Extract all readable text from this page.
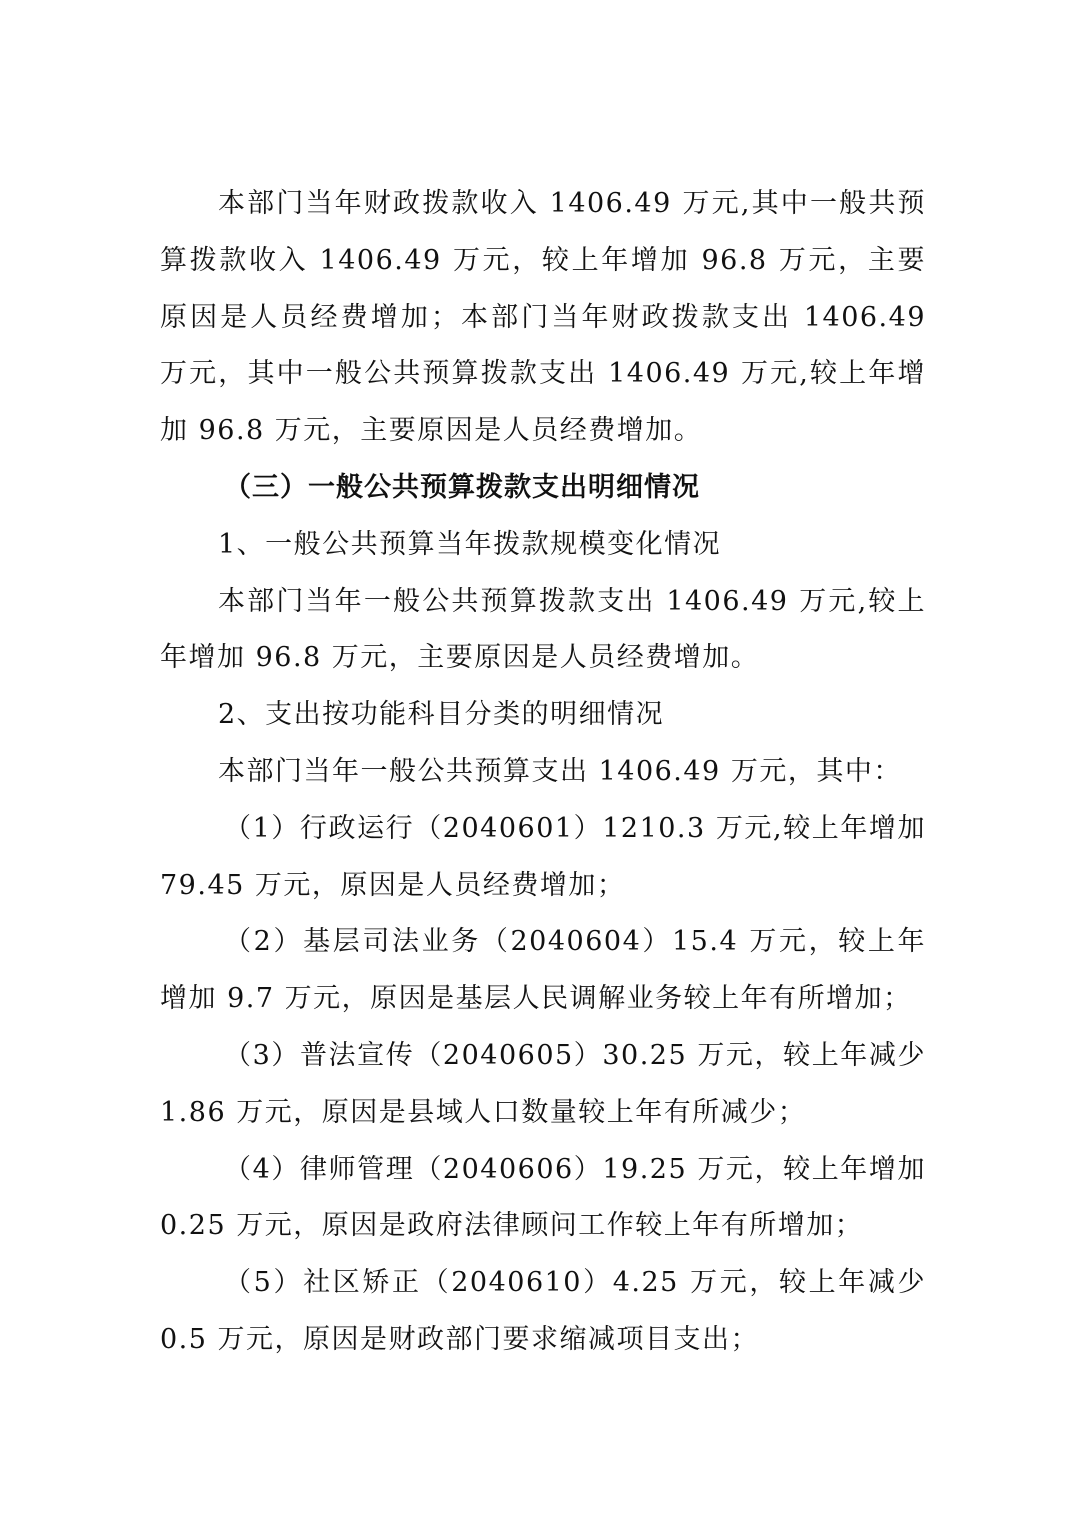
本部门当年财政拨款收入 1406.49 万元,其中一般共预算拨款收入 1406.49 万元，较上年增加 96.8 万元，主要原因是人员经费增加；本部门当年财政拨款支出 1406.49 万元，其中一般公共预算拨款支出 1406.49 万元,较上年增加 96.8 万元，主要原因是人员经费增加。

（三）一般公共预算拨款支出明细情况

1、一般公共预算当年拨款规模变化情况

本部门当年一般公共预算拨款支出 1406.49 万元,较上年增加 96.8 万元，主要原因是人员经费增加。

2、支出按功能科目分类的明细情况

本部门当年一般公共预算支出 1406.49 万元，其中：

（1）行政运行（2040601）1210.3 万元,较上年增加 79.45 万元，原因是人员经费增加；

（2）基层司法业务（2040604）15.4 万元，较上年增加 9.7 万元，原因是基层人民调解业务较上年有所增加；

（3）普法宣传（2040605）30.25 万元，较上年减少 1.86 万元，原因是县域人口数量较上年有所减少；

（4）律师管理（2040606）19.25 万元，较上年增加 0.25 万元，原因是政府法律顾问工作较上年有所增加；

（5）社区矫正（2040610）4.25 万元，较上年减少 0.5 万元，原因是财政部门要求缩减项目支出；
